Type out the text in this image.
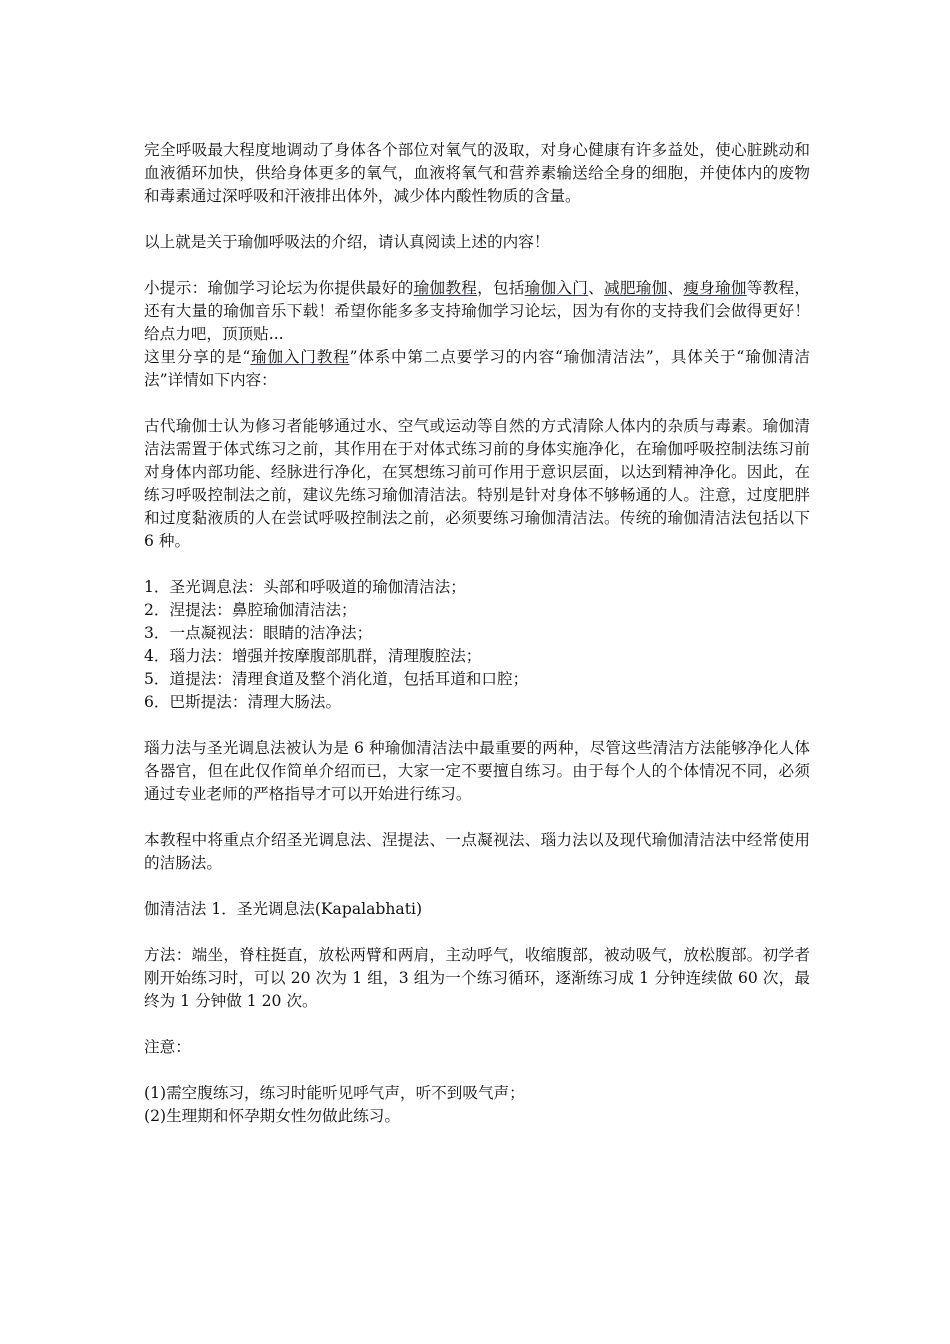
完全呼吸最大程度地调动了身体各个部位对氧气的汲取，对身心健康有许多益处，使心脏跳动和血液循环加快，供给身体更多的氧气，血液将氧气和营养素输送给全身的细胞，并使体内的废物和毒素通过深呼吸和汗液排出体外，减少体内酸性物质的含量。

以上就是关于瑜伽呼吸法的介绍，请认真阅读上述的内容！

小提示：瑜伽学习论坛为你提供最好的瑜伽教程，包括瑜伽入门、减肥瑜伽、瘦身瑜伽等教程，还有大量的瑜伽音乐下载！希望你能多多支持瑜伽学习论坛，因为有你的支持我们会做得更好！给点力吧，顶顶贴...

这里分享的是“瑜伽入门教程”体系中第二点要学习的内容“瑜伽清洁法”，具体关于“瑜伽清洁法”详情如下内容：

古代瑜伽士认为修习者能够通过水、空气或运动等自然的方式清除人体内的杂质与毒素。瑜伽清洁法需置于体式练习之前，其作用在于对体式练习前的身体实施净化，在瑜伽呼吸控制法练习前对身体内部功能、经脉进行净化，在冥想练习前可作用于意识层面，以达到精神净化。因此，在练习呼吸控制法之前，建议先练习瑜伽清洁法。特别是针对身体不够畅通的人。注意，过度肥胖和过度黏液质的人在尝试呼吸控制法之前，必须要练习瑜伽清洁法。传统的瑜伽清洁法包括以下 6 种。

1．圣光调息法：头部和呼吸道的瑜伽清洁法；

2．涅提法：鼻腔瑜伽清洁法；

3．一点凝视法：眼睛的洁净法；

4．瑙力法：增强并按摩腹部肌群，清理腹腔法；

5．道提法：清理食道及整个消化道，包括耳道和口腔；

6．巴斯提法：清理大肠法。

瑙力法与圣光调息法被认为是 6 种瑜伽清洁法中最重要的两种，尽管这些清洁方法能够净化人体各器官，但在此仅作简单介绍而已，大家一定不要擅自练习。由于每个人的个体情况不同，必须通过专业老师的严格指导才可以开始进行练习。

本教程中将重点介绍圣光调息法、涅提法、一点凝视法、瑙力法以及现代瑜伽清洁法中经常使用的洁肠法。

伽清洁法 1．圣光调息法(Kapalabhati)

方法：端坐，脊柱挺直，放松两臂和两肩，主动呼气，收缩腹部，被动吸气，放松腹部。初学者刚开始练习时，可以 20 次为 1 组，3 组为一个练习循环，逐渐练习成 1 分钟连续做 60 次，最终为 1 分钟做 1 20 次。

注意：

(1)需空腹练习，练习时能听见呼气声，听不到吸气声；

(2)生理期和怀孕期女性勿做此练习。
